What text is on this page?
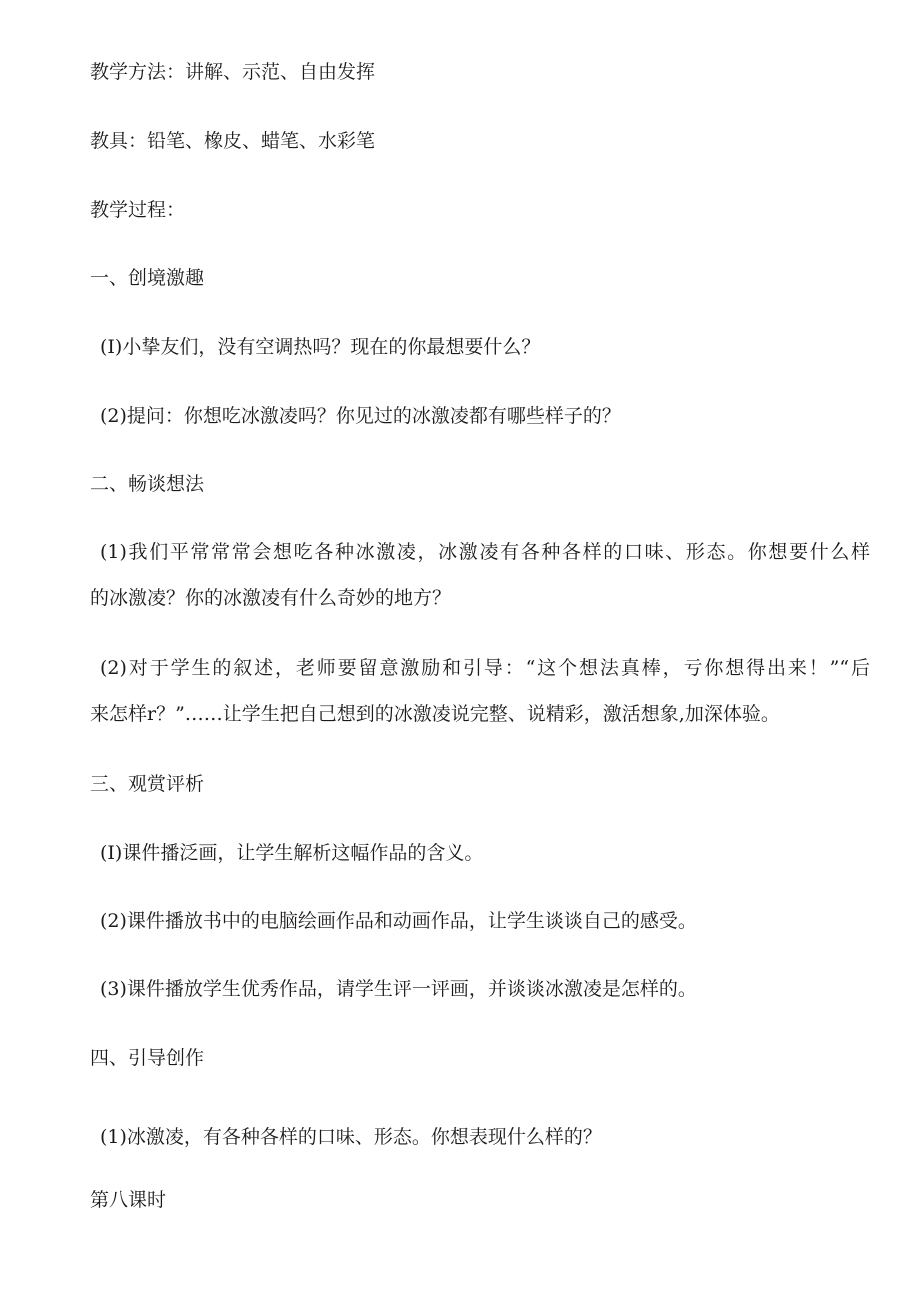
教学方法：讲解、示范、自由发挥
教具：铅笔、橡皮、蜡笔、水彩笔
教学过程：
一、创境激趣
(I)小挚友们，没有空调热吗？现在的你最想要什么？
(2)提问：你想吃冰激凌吗？你见过的冰激凌都有哪些样子的？
二、畅谈想法
(1)我们平常常常会想吃各种冰激凌，冰激凌有各种各样的口味、形态。你想要什么样
的冰激凌？你的冰激凌有什么奇妙的地方？
(2)对于学生的叙述，老师要留意激励和引导：“这个想法真棒，亏你想得出来！”“后
来怎样r？”……让学生把自己想到的冰激凌说完整、说精彩，激活想象,加深体验。
三、观赏评析
(I)课件播泛画，让学生解析这幅作品的含义。
(2)课件播放书中的电脑绘画作品和动画作品，让学生谈谈自己的感受。
(3)课件播放学生优秀作品，请学生评一评画，并谈谈冰激凌是怎样的。
四、引导创作
(1)冰激凌，有各种各样的口味、形态。你想表现什么样的？
第八课时
